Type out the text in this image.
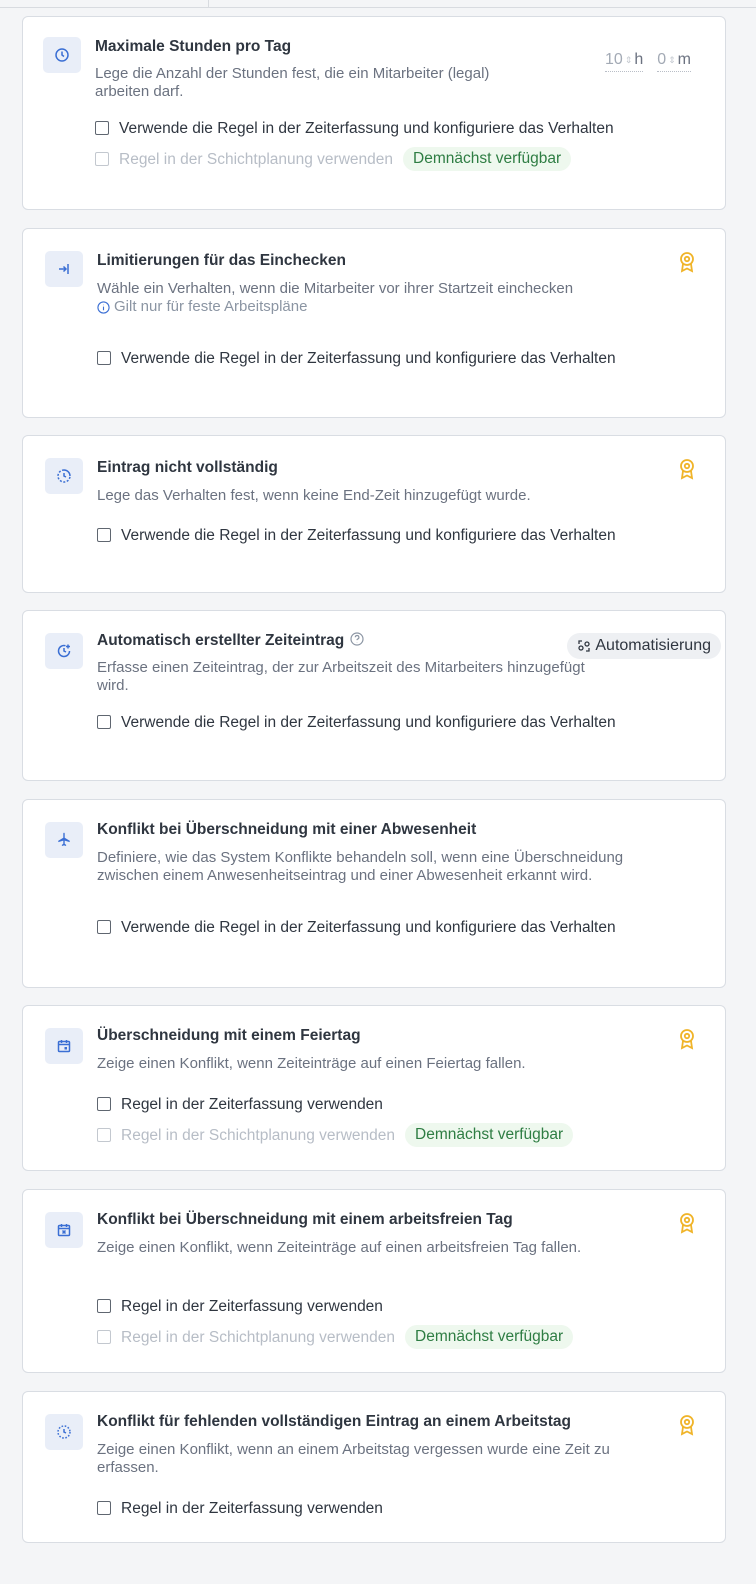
Maximale Stunden pro Tag
Lege die Anzahl der Stunden fest, die ein Mitarbeiter (legal) arbeiten darf.
10 ⇕ h 0 ⇕ m
Verwende die Regel in der Zeiterfassung und konfiguriere das Verhalten
Regel in der Schichtplanung verwenden	Demnächst verfügbar
Limitierungen für das Einchecken
Wähle ein Verhalten, wenn die Mitarbeiter vor ihrer Startzeit einchecken
Gilt nur für feste Arbeitspläne
Verwende die Regel in der Zeiterfassung und konfiguriere das Verhalten
Eintrag nicht vollständig
Lege das Verhalten fest, wenn keine End-Zeit hinzugefügt wurde.
Verwende die Regel in der Zeiterfassung und konfiguriere das Verhalten
Automatisierung
Automatisch erstellter Zeiteintrag
Erfasse einen Zeiteintrag, der zur Arbeitszeit des Mitarbeiters hinzugefügt wird.
Verwende die Regel in der Zeiterfassung und konfiguriere das Verhalten
Konflikt bei Überschneidung mit einer Abwesenheit
Definiere, wie das System Konflikte behandeln soll, wenn eine Überschneidung zwischen einem Anwesenheitseintrag und einer Abwesenheit erkannt wird.
Verwende die Regel in der Zeiterfassung und konfiguriere das Verhalten
Überschneidung mit einem Feiertag
Zeige einen Konflikt, wenn Zeiteinträge auf einen Feiertag fallen.
Regel in der Zeiterfassung verwenden
Regel in der Schichtplanung verwenden	Demnächst verfügbar
Konflikt bei Überschneidung mit einem arbeitsfreien Tag
Zeige einen Konflikt, wenn Zeiteinträge auf einen arbeitsfreien Tag fallen.
Regel in der Zeiterfassung verwenden
Regel in der Schichtplanung verwenden	Demnächst verfügbar
Konflikt für fehlenden vollständigen Eintrag an einem Arbeitstag
Zeige einen Konflikt, wenn an einem Arbeitstag vergessen wurde eine Zeit zu erfassen.
Regel in der Zeiterfassung verwenden
